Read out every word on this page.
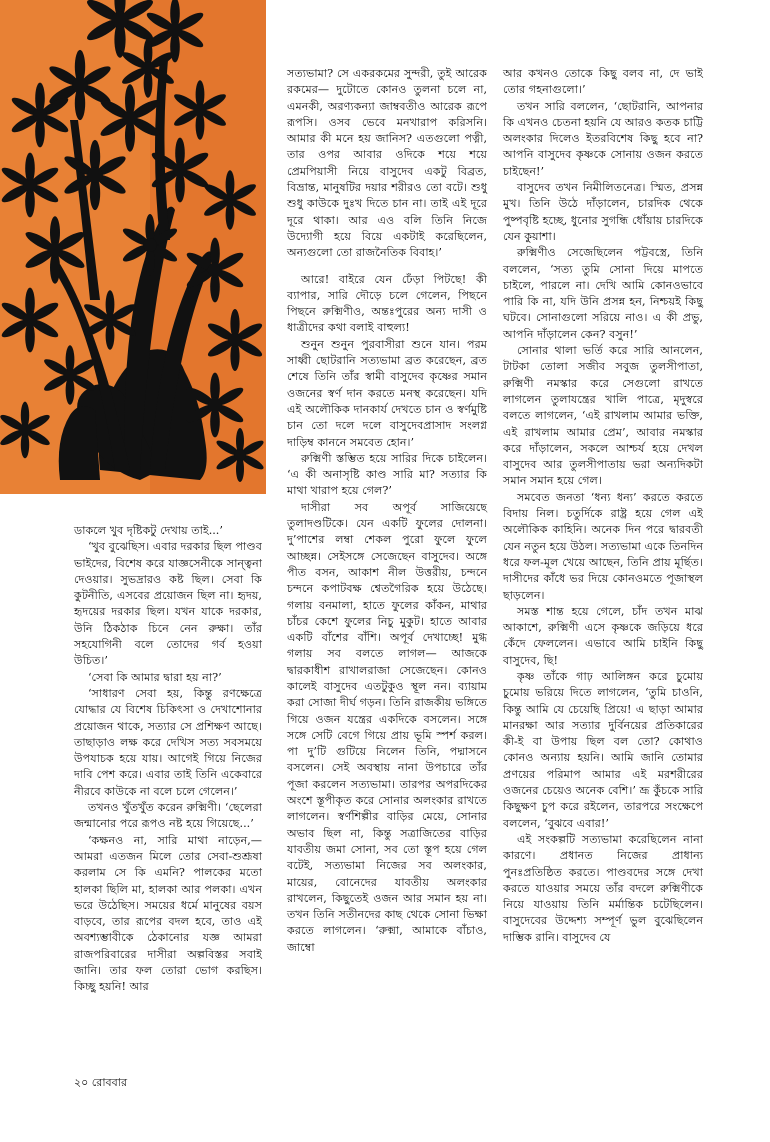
ডাকলে খুব দৃষ্টিকটু দেখায় তাই...’

‘খুব বুঝেছিস। এবার দরকার ছিল পাণ্ডব ভাইদের, বিশেষ করে যাজ্ঞসেনীকে সান্ত্বনা দেওয়ার। সুভদ্রারও কষ্ট ছিল। সেবা কি কুটনীতি, এসবের প্রয়োজন ছিল না। হৃদয়, হৃদয়ের দরকার ছিল। যখন যাকে দরকার, উনি ঠিকঠাক চিনে নেন রুক্ষা। তাঁর সহযোগিনী বলে তোদের গর্ব হওয়া উচিত।’

‘সেবা কি আমার দ্বারা হয় না?’

‘সাধারণ সেবা হয়, কিন্তু রণক্ষেত্রে যোদ্ধার যে বিশেষ চিকিৎসা ও দেখাশোনার প্রয়োজন থাকে, সত্যার সে প্রশিক্ষণ আছে। তাছাড়াও লক্ষ করে দেখিস সত্য সবসময়ে উপযাচক হয়ে যায়। আগেই গিয়ে নিজের দাবি পেশ করে। এবার তাই তিনি একেবারে নীরবে কাউকে না বলে চলে গেলেন।’

তখনও খুঁতখুঁত করেন রুক্মিণী। ‘ছেলেরা জন্মানোর পরে রূপও নষ্ট হয়ে গিয়েছে...’

‘কক্ষনও না, সারি মাথা নাড়েন,— আমরা এতজন মিলে তোর সেবা-শুশ্রূষা করলাম সে কি এমনি? পালকের মতো হালকা ছিলি মা, হালকা আর পলকা। এখন ভরে উঠেছিস। সময়ের ধর্মে মানুষের বয়স বাড়বে, তার রূপের বদল হবে, তাও এই অবশ্যম্ভাবীকে ঠেকানোর যজ্ঞ আমরা রাজপরিবারের দাসীরা অল্পবিস্তর সবাই জানি। তার ফল তোরা ভোগ করছিস। কিচ্ছু হয়নি! আর

সত্যভামা? সে একরকমের সুন্দরী, তুই আরেক রকমের— দুটোতে কোনও তুলনা চলে না, এমনকী, অরণ্যকন্যা জাম্ববতীও আরেক রূপে রূপসি। ওসব ভেবে মনখারাপ করিসনি। আমার কী মনে হয় জানিস? এতগুলো পত্নী, তার ওপর আবার ওদিকে শয়ে শয়ে প্রেমপিয়াসী নিয়ে বাসুদেব একটু বিব্রত, বিভ্রান্ত, মানুষটির দয়ার শরীরও তো বটে। শুধু শুধু কাউকে দুঃখ দিতে চান না। তাই এই দূরে দূরে থাকা। আর এও বলি তিনি নিজে উদ্যোগী হয়ে বিয়ে একটাই করেছিলেন, অন্যগুলো তো রাজনৈতিক বিবাহ।’

আরে! বাইরে যেন ঢেঁড়া পিটছে! কী ব্যাপার, সারি দৌড়ে চলে গেলেন, পিছনে পিছনে রুক্মিণীও, অন্তঃপুরের অন্য দাসী ও ধাত্রীদের কথা বলাই বাহুল্য!

শুনুন শুনুন পুরবাসীরা শুনে যান। পরম সাধ্বী ছোটরানি সত্যভামা ব্রত করেছেন, ব্রত শেষে তিনি তাঁর স্বামী বাসুদেব কৃষ্ণের সমান ওজনের স্বর্ণ দান করতে মনস্থ করেছেন। যদি এই অলৌকিক দানকার্য দেখতে চান ও স্বর্ণমুষ্টি চান তো দলে দলে বাসুদেবপ্রাসাদ সংলগ্ন দাড়িম্ব কাননে সমবেত হোন।’

রুক্মিণী স্তম্ভিত হয়ে সারির দিকে চাইলেন। ‘এ কী অনাসৃষ্টি কাণ্ড সারি মা? সত্যার কি মাথা খারাপ হয়ে গেল?’

দাসীরা সব অপূর্ব সাজিয়েছে তুলাদণ্ডটিকে। যেন একটি ফুলের দোলনা। দু’পাশের লম্বা শেকল পুরো ফুলে ফুলে আচ্ছন্ন। সেইসঙ্গে সেজেছেন বাসুদেব। অঙ্গে পীত বসন, আকাশ নীল উত্তরীয়, চন্দনে চন্দনে কপাটবক্ষ শ্বেতগৈরিক হয়ে উঠেছে। গলায় বনমালা, হাতে ফুলের কাঁকন, মাথার চাঁচর কেশে ফুলের নিচু মুকুট। হাতে আবার একটি বাঁশের বাঁশি। অপূর্ব দেখাচ্ছে! মুগ্ধ গলায় সব বলতে লাগল— আজকে দ্বারকাধীশ রাখালরাজা সেজেছেন। কোনও কালেই বাসুদেব এতটুকুও স্থূল নন। ব্যায়াম করা সোজা দীর্ঘ গড়ন। তিনি রাজকীয় ভঙ্গিতে গিয়ে ওজন যন্ত্রের একদিকে বসলেন। সঙ্গে সঙ্গে সেটি বেগে গিয়ে প্রায় ভূমি স্পর্শ করল। পা দু’টি গুটিয়ে নিলেন তিনি, পদ্মাসনে বসলেন। সেই অবস্থায় নানা উপচারে তাঁর পূজা করলেন সত্যভামা। তারপর অপরদিকের অংশে স্তূপীকৃত করে সোনার অলংকার রাখতে লাগলেন। স্বর্ণশিল্পীর বাড়ির মেয়ে, সোনার অভাব ছিল না, কিন্তু সত্রাজিতের বাড়ির যাবতীয় জমা সোনা, সব তো স্তূপ হয়ে গেল বটেই, সত্যভামা নিজের সব অলংকার, মায়ের, বোনেদের যাবতীয় অলংকার রাখলেন, কিছুতেই ওজন আর সমান হয় না। তখন তিনি সতীনদের কাছ থেকে সোনা ভিক্ষা করতে লাগলেন। ‘রুক্মা, আমাকে বাঁচাও, জাম্বো

আর কখনও তোকে কিছু বলব না, দে ভাই তোর গহনাগুলো।’

তখন সারি বললেন, ‘ছোটরানি, আপনার কি এখনও চেতনা হয়নি যে আরও কতক চাট্টি অলংকার দিলেও ইতরবিশেষ কিছু হবে না? আপনি বাসুদেব কৃষ্ণকে সোনায় ওজন করতে চাইছেন!’

বাসুদেব তখন নিমীলিতনেত্র। স্মিত, প্রসন্ন মুখ। তিনি উঠে দাঁড়ালেন, চারদিক থেকে পুষ্পবৃষ্টি হচ্ছে, ধুনোর সুগন্ধি ধোঁয়ায় চারদিকে যেন কুয়াশা।

রুক্মিণীও সেজেছিলেন পট্টবস্ত্রে, তিনি বললেন, ‘সত্য তুমি সোনা দিয়ে মাপতে চাইলে, পারলে না। দেখি আমি কোনওভাবে পারি কি না, যদি উনি প্রসন্ন হন, নিশ্চয়ই কিছু ঘটবে। সোনাগুলো সরিয়ে নাও। এ কী প্রভু, আপনি দাঁড়ালেন কেন? বসুন!’

সোনার থালা ভর্তি করে সারি আনলেন, টাটকা তোলা সজীব সবুজ তুলসীপাতা, রুক্মিণী নমস্কার করে সেগুলো রাখতে লাগলেন তুলাযন্ত্রের খালি পাত্রে, মৃদুস্বরে বলতে লাগলেন, ‘এই রাখলাম আমার ভক্তি, এই রাখলাম আমার প্রেম’, আবার নমস্কার করে দাঁড়ালেন, সকলে আশ্চর্য হয়ে দেখল বাসুদেব আর তুলসীপাতায় ভরা অন্যদিকটা সমান সমান হয়ে গেল।

সমবেত জনতা ‘ধন্য ধন্য’ করতে করতে বিদায় নিল। চতুর্দিকে রাষ্ট্র হয়ে গেল এই অলৌকিক কাহিনি। অনেক দিন পরে দ্বারবতী যেন নতুন হয়ে উঠল। সত্যভামা একে তিনদিন ধরে ফল-মূল খেয়ে আছেন, তিনি প্রায় মূর্ছিত। দাসীদের কাঁধে ভর দিয়ে কোনওমতে পূজাস্থল ছাড়লেন।

সমস্ত শান্ত হয়ে গেলে, চাঁদ তখন মাঝ আকাশে, রুক্মিণী এসে কৃষ্ণকে জড়িয়ে ধরে কেঁদে ফেললেন। এভাবে আমি চাইনি কিছু বাসুদেব, ছি!

কৃষ্ণ তাঁকে গাঢ় আলিঙ্গন করে চুমোয় চুমোয় ভরিয়ে দিতে লাগলেন, ‘তুমি চাওনি, কিন্তু আমি যে চেয়েছি প্রিয়ে! এ ছাড়া আমার মানরক্ষা আর সত্যার দুর্বিনয়ের প্রতিকারের কী-ই বা উপায় ছিল বল তো? কোথাও কোনও অন্যায় হয়নি। আমি জানি তোমার প্রণয়ের পরিমাপ আমার এই মরশরীরের ওজনের চেয়েও অনেক বেশি।’ ভ্রূ কুঁচকে সারি কিছুক্ষণ চুপ করে রইলেন, তারপরে সংক্ষেপে বললেন, ‘বুঝবে এবার!’

এই সংকল্পটি সত্যভামা করেছিলেন নানা কারণে। প্রধানত নিজের প্রাধান্য পুনঃপ্রতিষ্ঠিত করতে। পাণ্ডবদের সঙ্গে দেখা করতে যাওয়ার সময়ে তাঁর বদলে রুক্মিণীকে নিয়ে যাওয়ায় তিনি মর্মান্তিক চটেছিলেন। বাসুদেবের উদ্দেশ্য সম্পূর্ণ ভুল বুঝেছিলেন দাম্ভিক রানি। বাসুদেব যে

২০ রোববার
